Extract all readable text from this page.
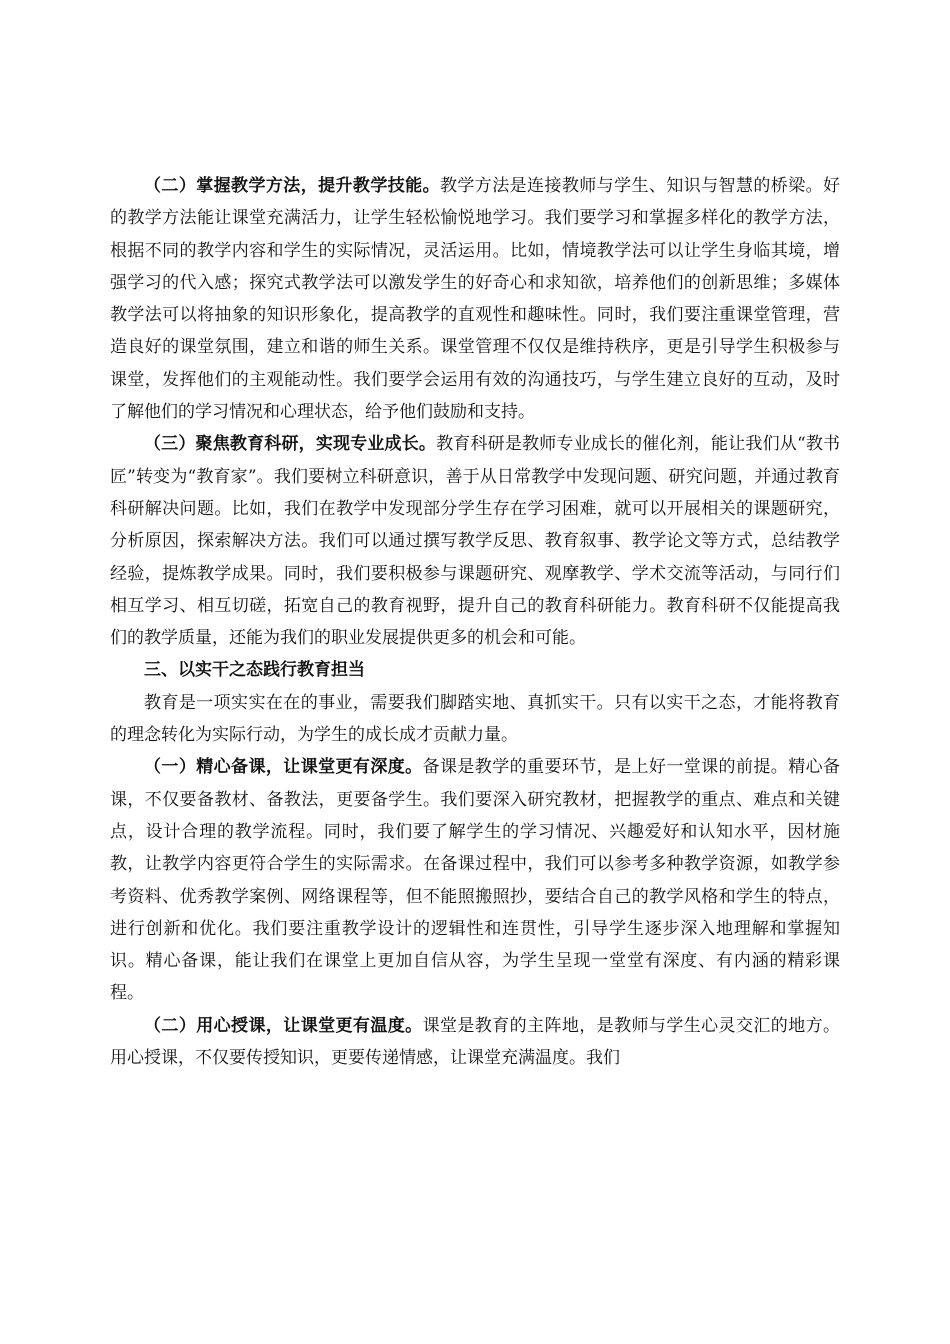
（二）掌握教学方法，提升教学技能。教学方法是连接教师与学生、知识与智慧的桥梁。好的教学方法能让课堂充满活力，让学生轻松愉悦地学习。我们要学习和掌握多样化的教学方法，根据不同的教学内容和学生的实际情况，灵活运用。比如，情境教学法可以让学生身临其境，增强学习的代入感；探究式教学法可以激发学生的好奇心和求知欲，培养他们的创新思维；多媒体教学法可以将抽象的知识形象化，提高教学的直观性和趣味性。同时，我们要注重课堂管理，营造良好的课堂氛围，建立和谐的师生关系。课堂管理不仅仅是维持秩序，更是引导学生积极参与课堂，发挥他们的主观能动性。我们要学会运用有效的沟通技巧，与学生建立良好的互动，及时了解他们的学习情况和心理状态，给予他们鼓励和支持。

（三）聚焦教育科研，实现专业成长。教育科研是教师专业成长的催化剂，能让我们从“教书匠”转变为“教育家”。我们要树立科研意识，善于从日常教学中发现问题、研究问题，并通过教育科研解决问题。比如，我们在教学中发现部分学生存在学习困难，就可以开展相关的课题研究，分析原因，探索解决方法。我们可以通过撰写教学反思、教育叙事、教学论文等方式，总结教学经验，提炼教学成果。同时，我们要积极参与课题研究、观摩教学、学术交流等活动，与同行们相互学习、相互切磋，拓宽自己的教育视野，提升自己的教育科研能力。教育科研不仅能提高我们的教学质量，还能为我们的职业发展提供更多的机会和可能。

三、以实干之态践行教育担当

教育是一项实实在在的事业，需要我们脚踏实地、真抓实干。只有以实干之态，才能将教育的理念转化为实际行动，为学生的成长成才贡献力量。

（一）精心备课，让课堂更有深度。备课是教学的重要环节，是上好一堂课的前提。精心备课，不仅要备教材、备教法，更要备学生。我们要深入研究教材，把握教学的重点、难点和关键点，设计合理的教学流程。同时，我们要了解学生的学习情况、兴趣爱好和认知水平，因材施教，让教学内容更符合学生的实际需求。在备课过程中，我们可以参考多种教学资源，如教学参考资料、优秀教学案例、网络课程等，但不能照搬照抄，要结合自己的教学风格和学生的特点，进行创新和优化。我们要注重教学设计的逻辑性和连贯性，引导学生逐步深入地理解和掌握知识。精心备课，能让我们在课堂上更加自信从容，为学生呈现一堂堂有深度、有内涵的精彩课程。

（二）用心授课，让课堂更有温度。课堂是教育的主阵地，是教师与学生心灵交汇的地方。用心授课，不仅要传授知识，更要传递情感，让课堂充满温度。我们
